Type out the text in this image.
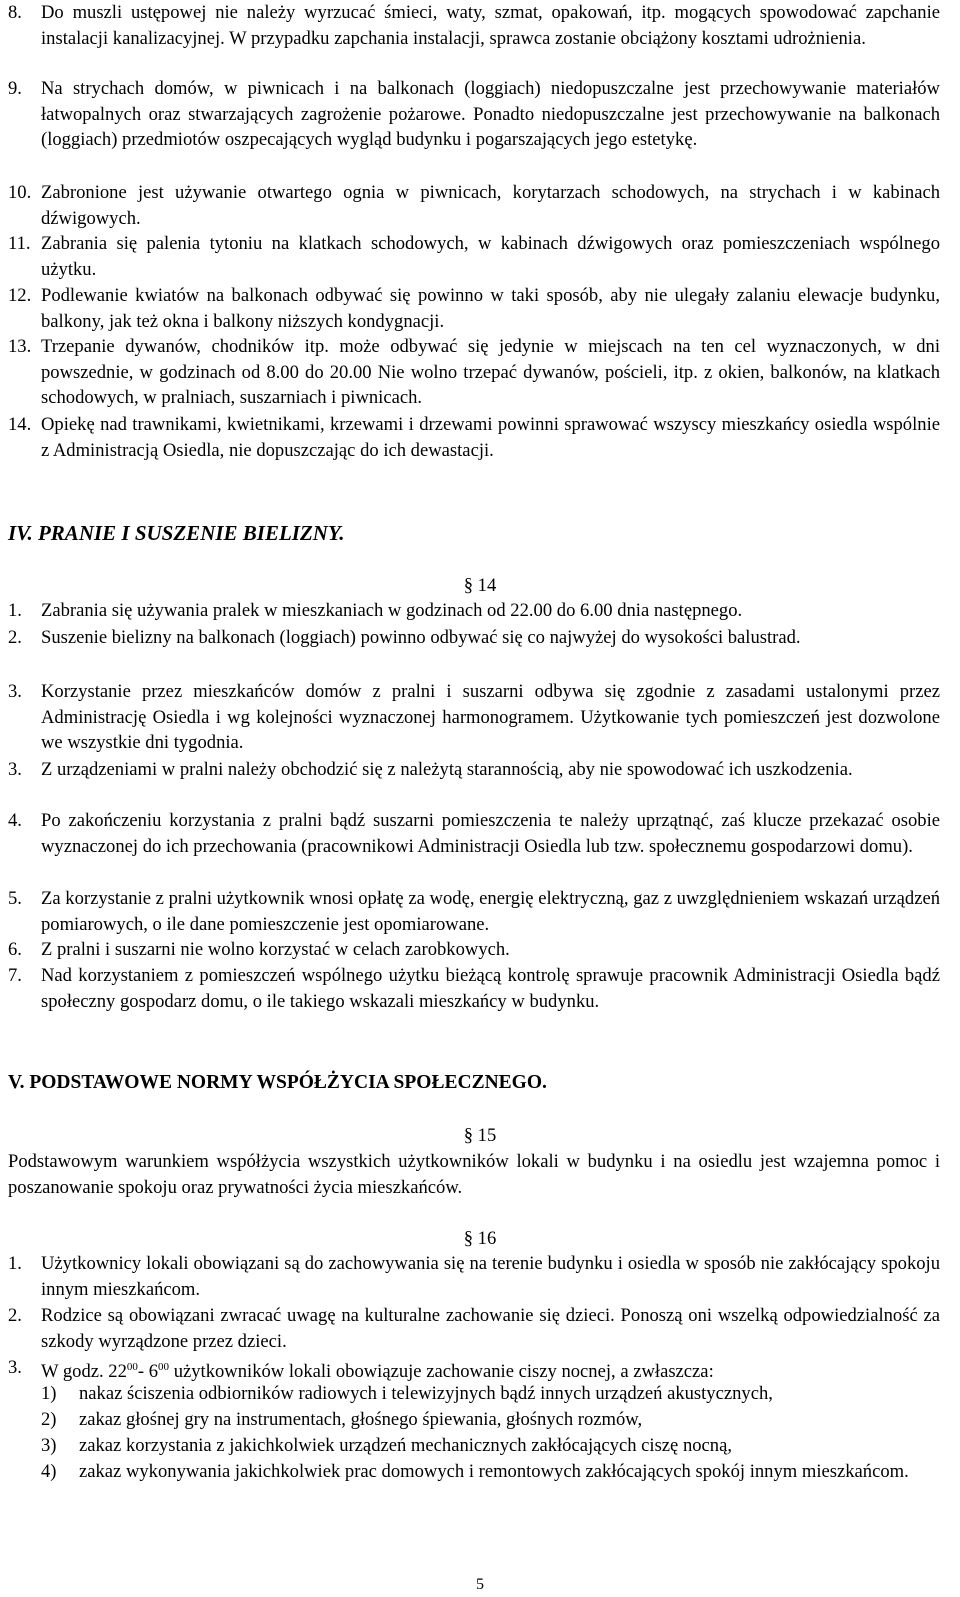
8. Do muszli ustępowej nie należy wyrzucać śmieci, waty, szmat, opakowań, itp. mogących spowodować zapchanie instalacji kanalizacyjnej. W przypadku zapchania instalacji, sprawca zostanie obciążony kosztami udrożnienia.
9. Na strychach domów, w piwnicach i na balkonach (loggiach) niedopuszczalne jest przechowywanie materiałów łatwopalnych oraz stwarzających zagrożenie pożarowe. Ponadto niedopuszczalne jest przechowywanie na balkonach (loggiach) przedmiotów oszpecających wygląd budynku i pogarszających jego estetykę.
10. Zabronione jest używanie otwartego ognia w piwnicach, korytarzach schodowych, na strychach i w kabinach dźwigowych.
11. Zabrania się palenia tytoniu na klatkach schodowych, w kabinach dźwigowych oraz pomieszczeniach wspólnego użytku.
12. Podlewanie kwiatów na balkonach odbywać się powinno w taki sposób, aby nie ulegały zalaniu elewacje budynku, balkony, jak też okna i balkony niższych kondygnacji.
13. Trzepanie dywanów, chodników itp. może odbywać się jedynie w miejscach na ten cel wyznaczonych, w dni powszednie, w godzinach od 8.00 do 20.00 Nie wolno trzepać dywanów, pościeli, itp. z okien, balkonów, na klatkach schodowych, w pralniach, suszarniach i piwnicach.
14. Opiekę nad trawnikami, kwietnikami, krzewami i drzewami powinni sprawować wszyscy mieszkańcy osiedla wspólnie z Administracją Osiedla, nie dopuszczając do ich dewastacji.
IV. PRANIE I SUSZENIE BIELIZNY.
§ 14
1. Zabrania się używania pralek w mieszkaniach w godzinach od 22.00 do 6.00 dnia następnego.
2. Suszenie bielizny na balkonach (loggiach) powinno odbywać się co najwyżej do wysokości balustrad.
3. Korzystanie przez mieszkańców domów z pralni i suszarni odbywa się zgodnie z zasadami ustalonymi przez Administrację Osiedla i wg kolejności wyznaczonej harmonogramem. Użytkowanie tych pomieszczeń jest dozwolone we wszystkie dni tygodnia.
3. Z urządzeniami w pralni należy obchodzić się z należytą starannością, aby nie spowodować ich uszkodzenia.
4. Po zakończeniu korzystania z pralni bądź suszarni pomieszczenia te należy uprzątnąć, zaś klucze przekazać osobie wyznaczonej do ich przechowania (pracownikowi Administracji Osiedla lub tzw. społecznemu gospodarzowi domu).
5. Za korzystanie z pralni użytkownik wnosi opłatę za wodę, energię elektryczną, gaz z uwzględnieniem wskazań urządzeń pomiarowych, o ile dane pomieszczenie jest opomiarowane.
6. Z pralni i suszarni nie wolno korzystać w celach zarobkowych.
7. Nad korzystaniem z pomieszczeń wspólnego użytku bieżącą kontrolę sprawuje pracownik Administracji Osiedla bądź społeczny gospodarz domu, o ile takiego wskazali mieszkańcy w budynku.
V. PODSTAWOWE NORMY WSPÓŁŻYCIA SPOŁECZNEGO.
§ 15
Podstawowym warunkiem współżycia wszystkich użytkowników lokali w budynku i na osiedlu jest wzajemna pomoc i poszanowanie spokoju oraz prywatności życia mieszkańców.
§ 16
1. Użytkownicy lokali obowiązani są do zachowywania się na terenie budynku i osiedla w sposób nie zakłócający spokoju innym mieszkańcom.
2. Rodzice są obowiązani zwracać uwagę na kulturalne zachowanie się dzieci. Ponoszą oni wszelką odpowiedzialność za szkody wyrządzone przez dzieci.
3. W godz. $22^{00}-$ $6^{00}$ użytkowników lokali obowiązuje zachowanie ciszy nocnej, a zwłaszcza:
1) nakaz ściszenia odbiorników radiowych i telewizyjnych bądź innych urządzeń akustycznych,
2) zakaz głośnej gry na instrumentach, głośnego śpiewania, głośnych rozmów,
3) zakaz korzystania z jakichkolwiek urządzeń mechanicznych zakłócających ciszę nocną,
4) zakaz wykonywania jakichkolwiek prac domowych i remontowych zakłócających spokój innym mieszkańcom.
5
